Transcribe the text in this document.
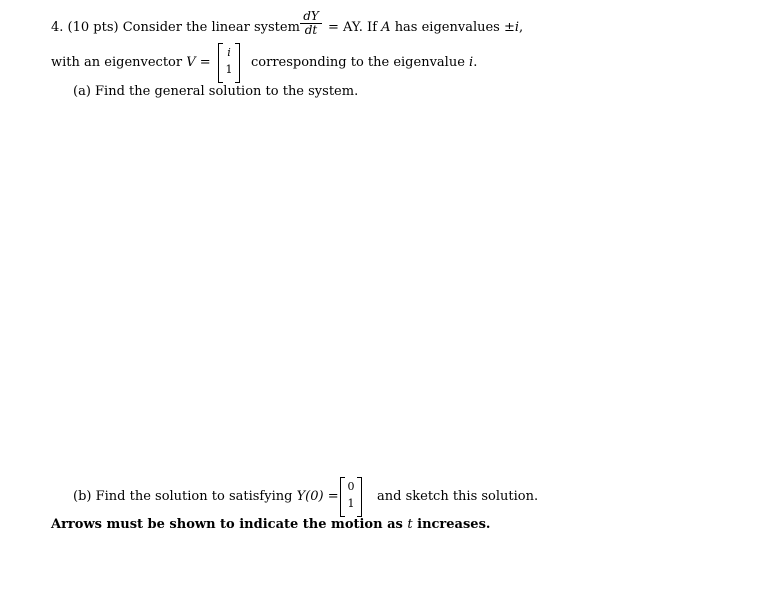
4. (10 pts) Consider the linear system $\frac{dY}{dt}$ = AY. If A has eigenvalues ±i,
with an eigenvector V =
i
1	corresponding to the eigenvalue i.
(a) Find the general solution to the system.
(b) Find the solution to satisfying Y(0) =
0
1	and sketch this solution.
Arrows must be shown to indicate the motion as t increases.
